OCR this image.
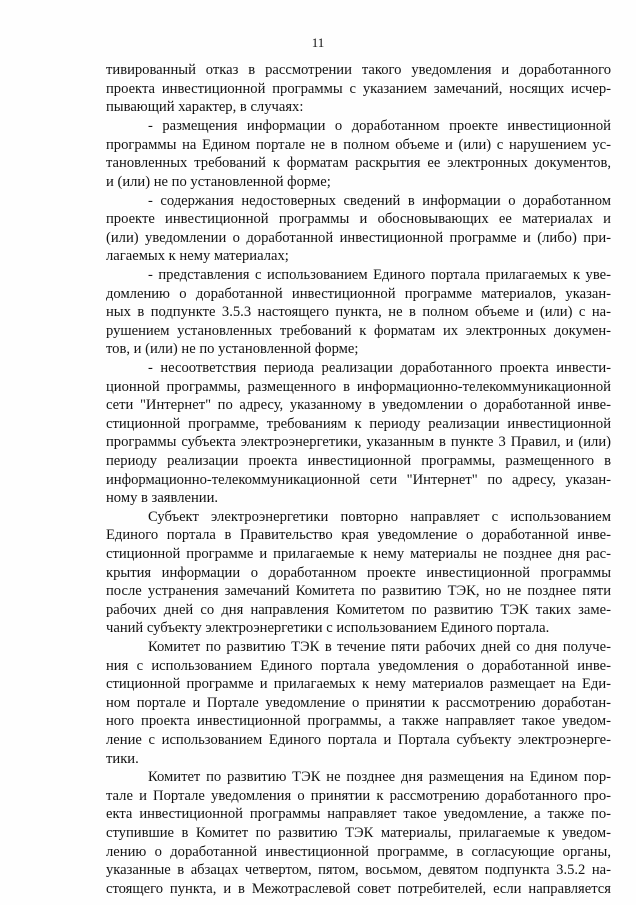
11
тивированный отказ в рассмотрении такого уведомления и доработанного
проекта инвестиционной программы с указанием замечаний, носящих исчер-
пывающий характер, в случаях:
- размещения информации о доработанном проекте инвестиционной
программы на Едином портале не в полном объеме и (или) с нарушением ус-
тановленных требований к форматам раскрытия ее электронных документов,
и (или) не по установленной форме;
- содержания недостоверных сведений в информации о доработанном
проекте инвестиционной программы и обосновывающих ее материалах и
(или) уведомлении о доработанной инвестиционной программе и (либо) при-
лагаемых к нему материалах;
- представления с использованием Единого портала прилагаемых к уве-
домлению о доработанной инвестиционной программе материалов, указан-
ных в подпункте 3.5.3 настоящего пункта, не в полном объеме и (или) с на-
рушением установленных требований к форматам их электронных докумен-
тов, и (или) не по установленной форме;
- несоответствия периода реализации доработанного проекта инвести-
ционной программы, размещенного в информационно-телекоммуникационной
сети "Интернет" по адресу, указанному в уведомлении о доработанной инве-
стиционной программе, требованиям к периоду реализации инвестиционной
программы субъекта электроэнергетики, указанным в пункте 3 Правил, и (или)
периоду реализации проекта инвестиционной программы, размещенного в
информационно-телекоммуникационной сети "Интернет" по адресу, указан-
ному в заявлении.
Субъект электроэнергетики повторно направляет с использованием
Единого портала в Правительство края уведомление о доработанной инве-
стиционной программе и прилагаемые к нему материалы не позднее дня рас-
крытия информации о доработанном проекте инвестиционной программы
после устранения замечаний Комитета по развитию ТЭК, но не позднее пяти
рабочих дней со дня направления Комитетом по развитию ТЭК таких заме-
чаний субъекту электроэнергетики с использованием Единого портала.
Комитет по развитию ТЭК в течение пяти рабочих дней со дня получе-
ния с использованием Единого портала уведомления о доработанной инве-
стиционной программе и прилагаемых к нему материалов размещает на Еди-
ном портале и Портале уведомление о принятии к рассмотрению доработан-
ного проекта инвестиционной программы, а также направляет такое уведом-
ление с использованием Единого портала и Портала субъекту электроэнерге-
тики.
Комитет по развитию ТЭК не позднее дня размещения на Едином пор-
тале и Портале уведомления о принятии к рассмотрению доработанного про-
екта инвестиционной программы направляет такое уведомление, а также по-
ступившие в Комитет по развитию ТЭК материалы, прилагаемые к уведом-
лению о доработанной инвестиционной программе, в согласующие органы,
указанные в абзацах четвертом, пятом, восьмом, девятом подпункта 3.5.2 на-
стоящего пункта, и в Межотраслевой совет потребителей, если направляется
